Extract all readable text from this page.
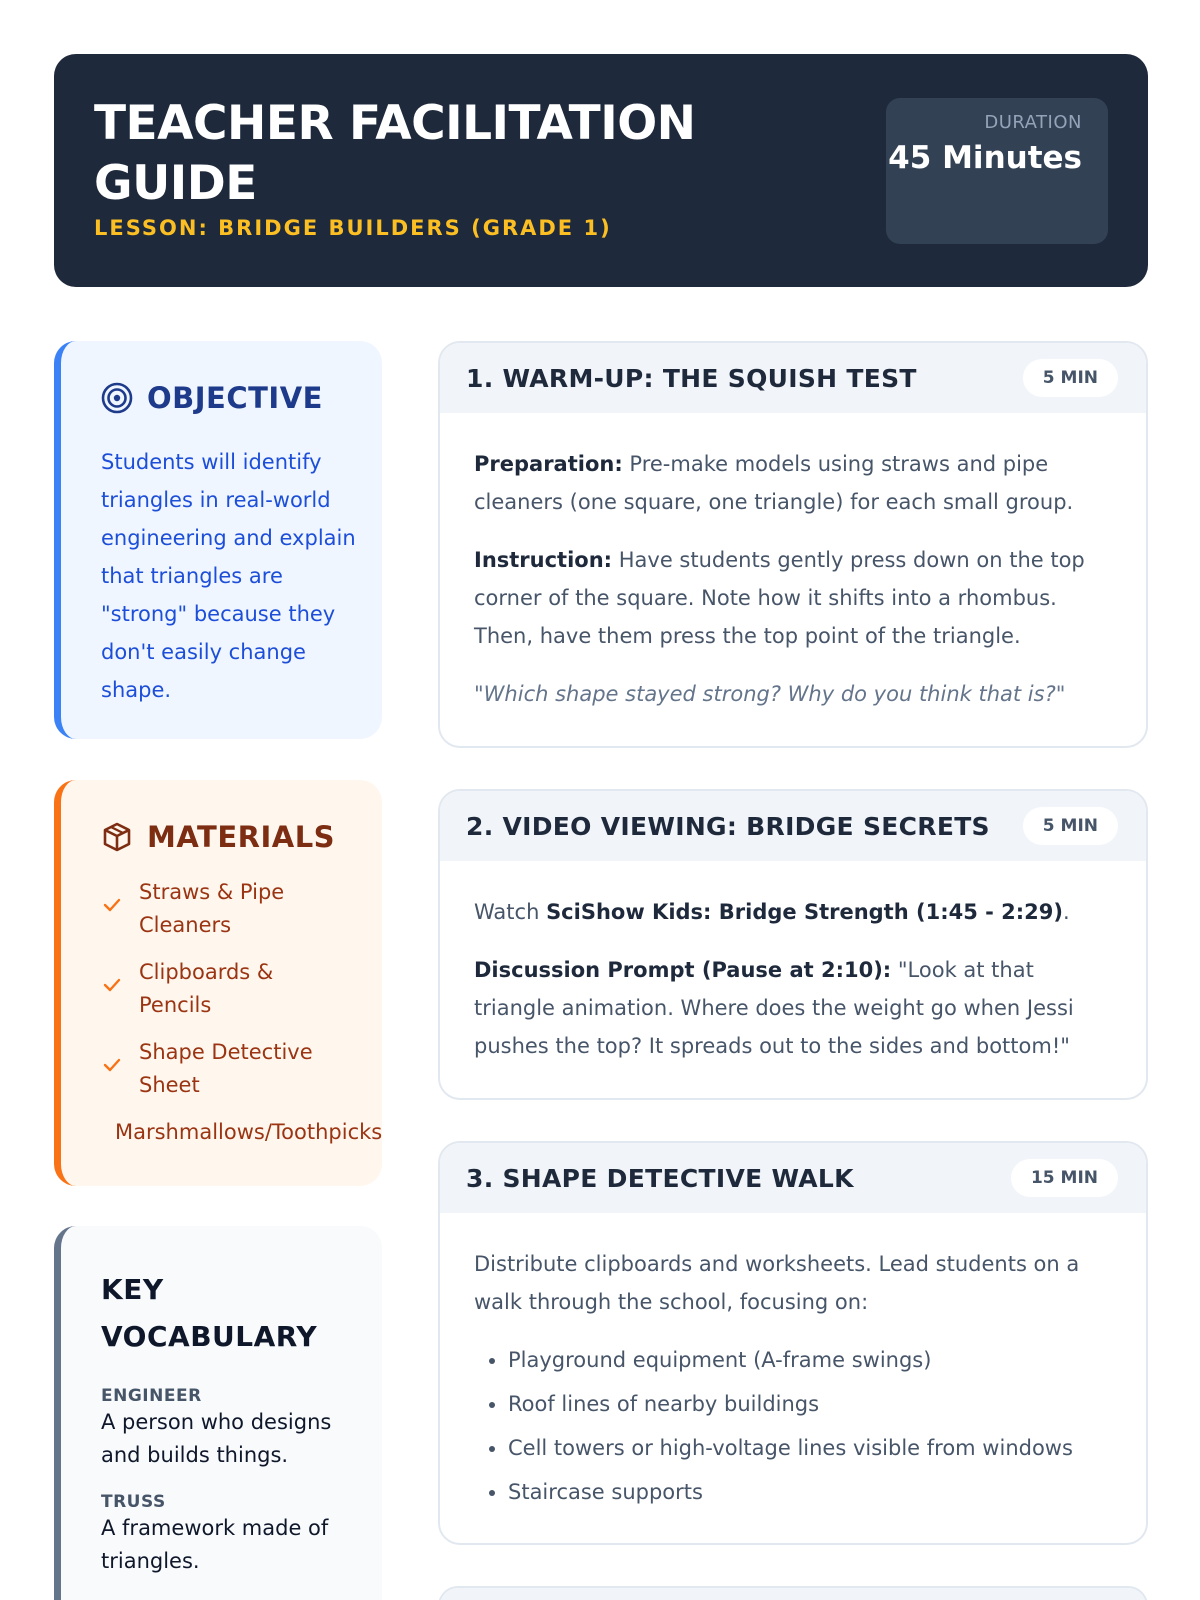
TEACHER FACILITATION GUIDE
LESSON: BRIDGE BUILDERS (GRADE 1)
DURATION
45 Minutes
OBJECTIVE

Students will identify triangles in real-world engineering and explain that triangles are "strong" because they don't easily change shape.

MATERIALS
Straws & Pipe Cleaners
Clipboards & Pencils
Shape Detective Sheet
Marshmallows/Toothpicks
KEY VOCABULARY
ENGINEER
A person who designs and builds things.
TRUSS
A framework made of triangles.
1. WARM-UP: THE SQUISH TEST	5 MIN

Preparation: Pre-make models using straws and pipe cleaners (one square, one triangle) for each small group.

Instruction: Have students gently press down on the top corner of the square. Note how it shifts into a rhombus. Then, have them press the top point of the triangle.

"Which shape stayed strong? Why do you think that is?"

2. VIDEO VIEWING: BRIDGE SECRETS	5 MIN

Watch SciShow Kids: Bridge Strength (1:45 - 2:29).

Discussion Prompt (Pause at 2:10): "Look at that triangle animation. Where does the weight go when Jessi pushes the top? It spreads out to the sides and bottom!"

3. SHAPE DETECTIVE WALK	15 MIN

Distribute clipboards and worksheets. Lead students on a walk through the school, focusing on:

• Playground equipment (A-frame swings)
• Roof lines of nearby buildings
• Cell towers or high-voltage lines visible from windows
• Staircase supports
